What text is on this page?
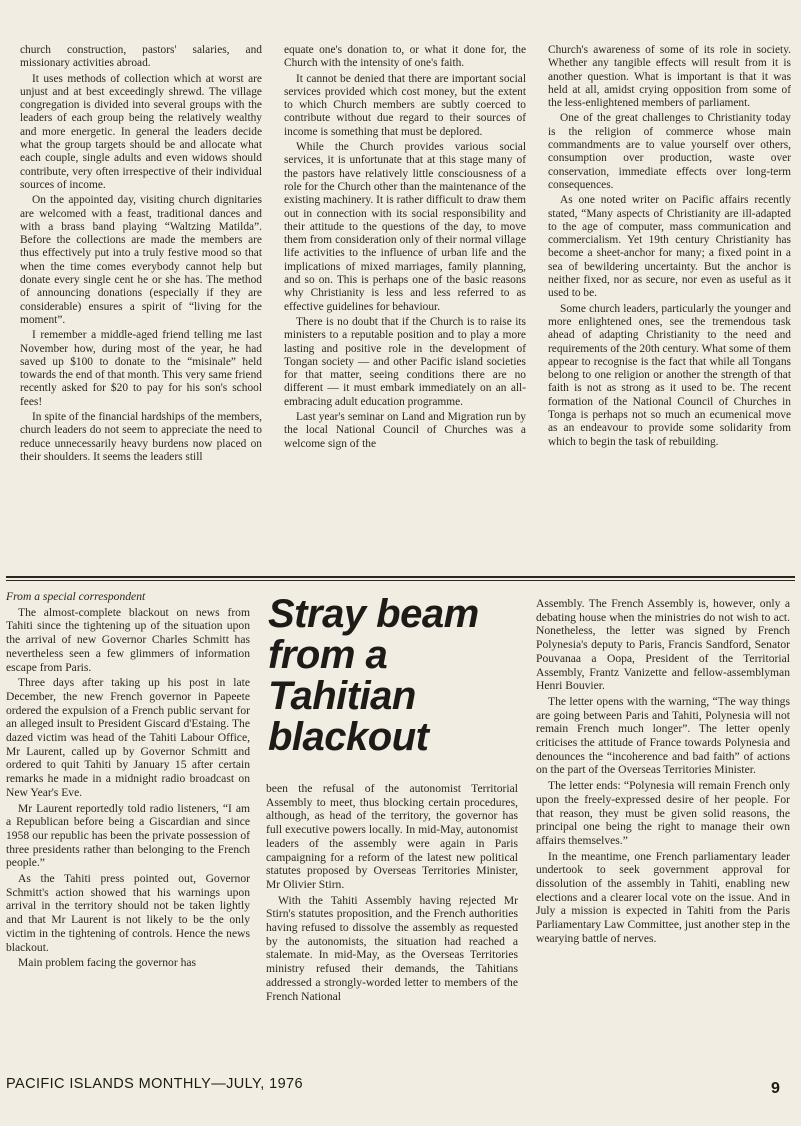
church construction, pastors' salaries, and missionary activities abroad.

It uses methods of collection which at worst are unjust and at best exceedingly shrewd. The village congregation is divided into several groups with the leaders of each group being the relatively wealthy and more energetic. In general the leaders decide what the group targets should be and allocate what each couple, single adults and even widows should contribute, very often irrespective of their individual sources of income.

On the appointed day, visiting church dignitaries are welcomed with a feast, traditional dances and with a brass band playing “Waltzing Matilda”. Before the collections are made the members are thus effectively put into a truly festive mood so that when the time comes everybody cannot help but donate every single cent he or she has. The method of announcing donations (especially if they are considerable) ensures a spirit of “living for the moment”.

I remember a middle-aged friend telling me last November how, during most of the year, he had saved up $100 to donate to the “misinale” held towards the end of that month. This very same friend recently asked for $20 to pay for his son's school fees!

In spite of the financial hardships of the members, church leaders do not seem to appreciate the need to reduce unnecessarily heavy burdens now placed on their shoulders. It seems the leaders still

equate one's donation to, or what it done for, the Church with the intensity of one's faith.

It cannot be denied that there are important social services provided which cost money, but the extent to which Church members are subtly coerced to contribute without due regard to their sources of income is something that must be deplored.

While the Church provides various social services, it is unfortunate that at this stage many of the pastors have relatively little consciousness of a role for the Church other than the maintenance of the existing machinery. It is rather difficult to draw them out in connection with its social responsibility and their attitude to the questions of the day, to move them from consideration only of their normal village life activities to the influence of urban life and the implications of mixed marriages, family planning, and so on. This is perhaps one of the basic reasons why Christianity is less and less referred to as effective guidelines for behaviour.

There is no doubt that if the Church is to raise its ministers to a reputable position and to play a more lasting and positive role in the development of Tongan society — and other Pacific island societies for that matter, seeing conditions there are no different — it must embark immediately on an all-embracing adult education programme.

Last year's seminar on Land and Migration run by the local National Council of Churches was a welcome sign of the

Church's awareness of some of its role in society. Whether any tangible effects will result from it is another question. What is important is that it was held at all, amidst crying opposition from some of the less-enlightened members of parliament.

One of the great challenges to Christianity today is the religion of commerce whose main commandments are to value yourself over others, consumption over production, waste over conservation, immediate effects over long-term consequences.

As one noted writer on Pacific affairs recently stated, “Many aspects of Christianity are ill-adapted to the age of computer, mass communication and commercialism. Yet 19th century Christianity has become a sheet-anchor for many; a fixed point in a sea of bewildering uncertainty. But the anchor is neither fixed, nor as secure, nor even as useful as it used to be.

Some church leaders, particularly the younger and more enlightened ones, see the tremendous task ahead of adapting Christianity to the need and requirements of the 20th century. What some of them appear to recognise is the fact that while all Tongans belong to one religion or another the strength of that faith is not as strong as it used to be. The recent formation of the National Council of Churches in Tonga is perhaps not so much an ecumenical move as an endeavour to provide some solidarity from which to begin the task of rebuilding.

From a special correspondent

The almost-complete blackout on news from Tahiti since the tightening up of the situation upon the arrival of new Governor Charles Schmitt has nevertheless seen a few glimmers of information escape from Paris.

Three days after taking up his post in late December, the new French governor in Papeete ordered the expulsion of a French public servant for an alleged insult to President Giscard d'Estaing. The dazed victim was head of the Tahiti Labour Office, Mr Laurent, called up by Governor Schmitt and ordered to quit Tahiti by January 15 after certain remarks he made in a midnight radio broadcast on New Year's Eve.

Mr Laurent reportedly told radio listeners, “I am a Republican before being a Giscardian and since 1958 our republic has been the private possession of three presidents rather than belonging to the French people.”

As the Tahiti press pointed out, Governor Schmitt's action showed that his warnings upon arrival in the territory should not be taken lightly and that Mr Laurent is not likely to be the only victim in the tightening of controls. Hence the news blackout.

Main problem facing the governor has

Stray beam
from a
Tahitian
blackout

been the refusal of the autonomist Territorial Assembly to meet, thus blocking certain procedures, although, as head of the territory, the governor has full executive powers locally. In mid-May, autonomist leaders of the assembly were again in Paris campaigning for a reform of the latest new political statutes proposed by Overseas Territories Minister, Mr Olivier Stirn.

With the Tahiti Assembly having rejected Mr Stirn's statutes proposition, and the French authorities having refused to dissolve the assembly as requested by the autonomists, the situation had reached a stalemate. In mid-May, as the Overseas Territories ministry refused their demands, the Tahitians addressed a strongly-worded letter to members of the French National

Assembly. The French Assembly is, however, only a debating house when the ministries do not wish to act. Nonetheless, the letter was signed by French Polynesia's deputy to Paris, Francis Sandford, Senator Pouvanaa a Oopa, President of the Territorial Assembly, Frantz Vanizette and fellow-assemblyman Henri Bouvier.

The letter opens with the warning, “The way things are going between Paris and Tahiti, Polynesia will not remain French much longer”. The letter openly criticises the attitude of France towards Polynesia and denounces the “incoherence and bad faith” of actions on the part of the Overseas Territories Minister.

The letter ends: “Polynesia will remain French only upon the freely-expressed desire of her people. For that reason, they must be given solid reasons, the principal one being the right to manage their own affairs themselves.”

In the meantime, one French parliamentary leader undertook to seek government approval for dissolution of the assembly in Tahiti, enabling new elections and a clearer local vote on the issue. And in July a mission is expected in Tahiti from the Paris Parliamentary Law Committee, just another step in the wearying battle of nerves.

PACIFIC ISLANDS MONTHLY—JULY, 1976	9
